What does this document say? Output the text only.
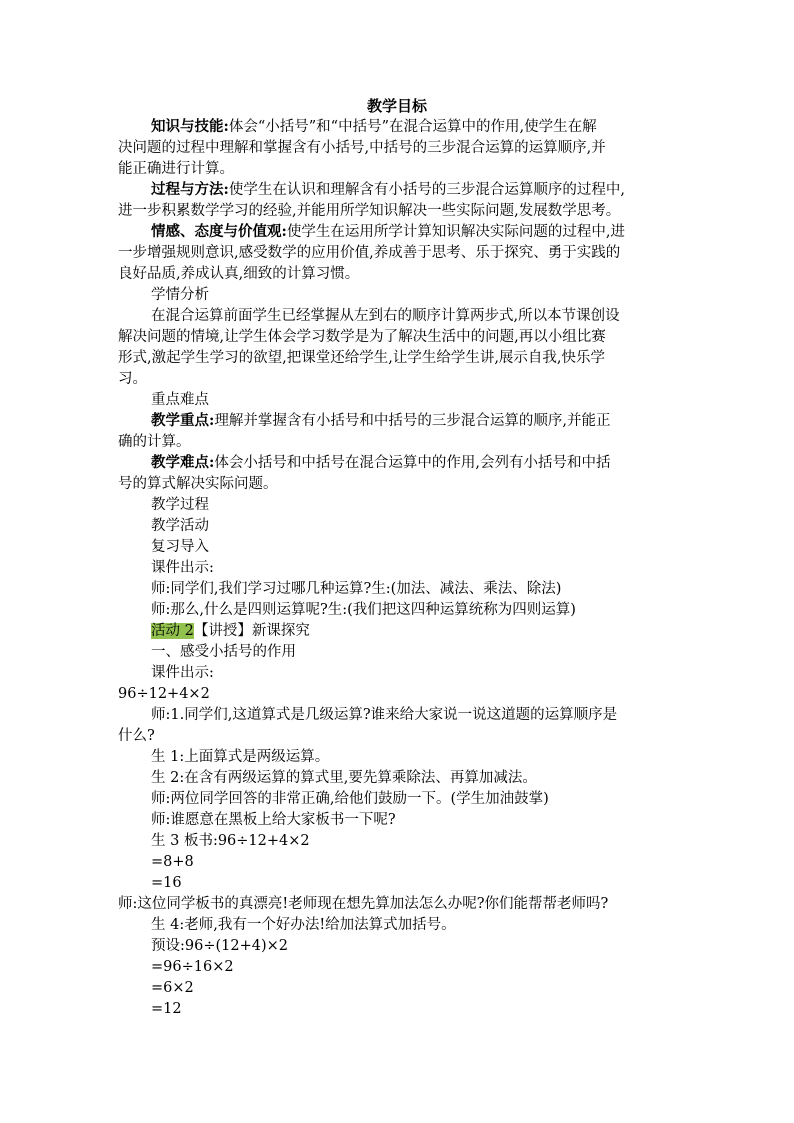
教学目标
知识与技能:体会“小括号”和“中括号”在混合运算中的作用,使学生在解
决问题的过程中理解和掌握含有小括号,中括号的三步混合运算的运算顺序,并
能正确进行计算。
过程与方法:使学生在认识和理解含有小括号的三步混合运算顺序的过程中,
进一步积累数学学习的经验,并能用所学知识解决一些实际问题,发展数学思考。
情感、态度与价值观:使学生在运用所学计算知识解决实际问题的过程中,进
一步增强规则意识,感受数学的应用价值,养成善于思考、乐于探究、勇于实践的
良好品质,养成认真,细致的计算习惯。
学情分析
在混合运算前面学生已经掌握从左到右的顺序计算两步式,所以本节课创设
解决问题的情境,让学生体会学习数学是为了解决生活中的问题,再以小组比赛
形式,激起学生学习的欲望,把课堂还给学生,让学生给学生讲,展示自我,快乐学
习。
重点难点
教学重点:理解并掌握含有小括号和中括号的三步混合运算的顺序,并能正
确的计算。
教学难点:体会小括号和中括号在混合运算中的作用,会列有小括号和中括
号的算式解决实际问题。
教学过程
教学活动
复习导入
课件出示:
师:同学们,我们学习过哪几种运算?生:(加法、减法、乘法、除法)
师:那么,什么是四则运算呢?生:(我们把这四种运算统称为四则运算)
活动 2【讲授】新课探究
一、感受小括号的作用
课件出示:
96÷12+4×2
师:1.同学们,这道算式是几级运算?谁来给大家说一说这道题的运算顺序是
什么?
生 1:上面算式是两级运算。
生 2:在含有两级运算的算式里,要先算乘除法、再算加减法。
师:两位同学回答的非常正确,给他们鼓励一下。(学生加油鼓掌)
师:谁愿意在黑板上给大家板书一下呢?
生 3 板书:96÷12+4×2
=8+8
=16
师:这位同学板书的真漂亮!老师现在想先算加法怎么办呢?你们能帮帮老师吗?
生 4:老师,我有一个好办法!给加法算式加括号。
预设:96÷(12+4)×2
=96÷16×2
=6×2
=12
